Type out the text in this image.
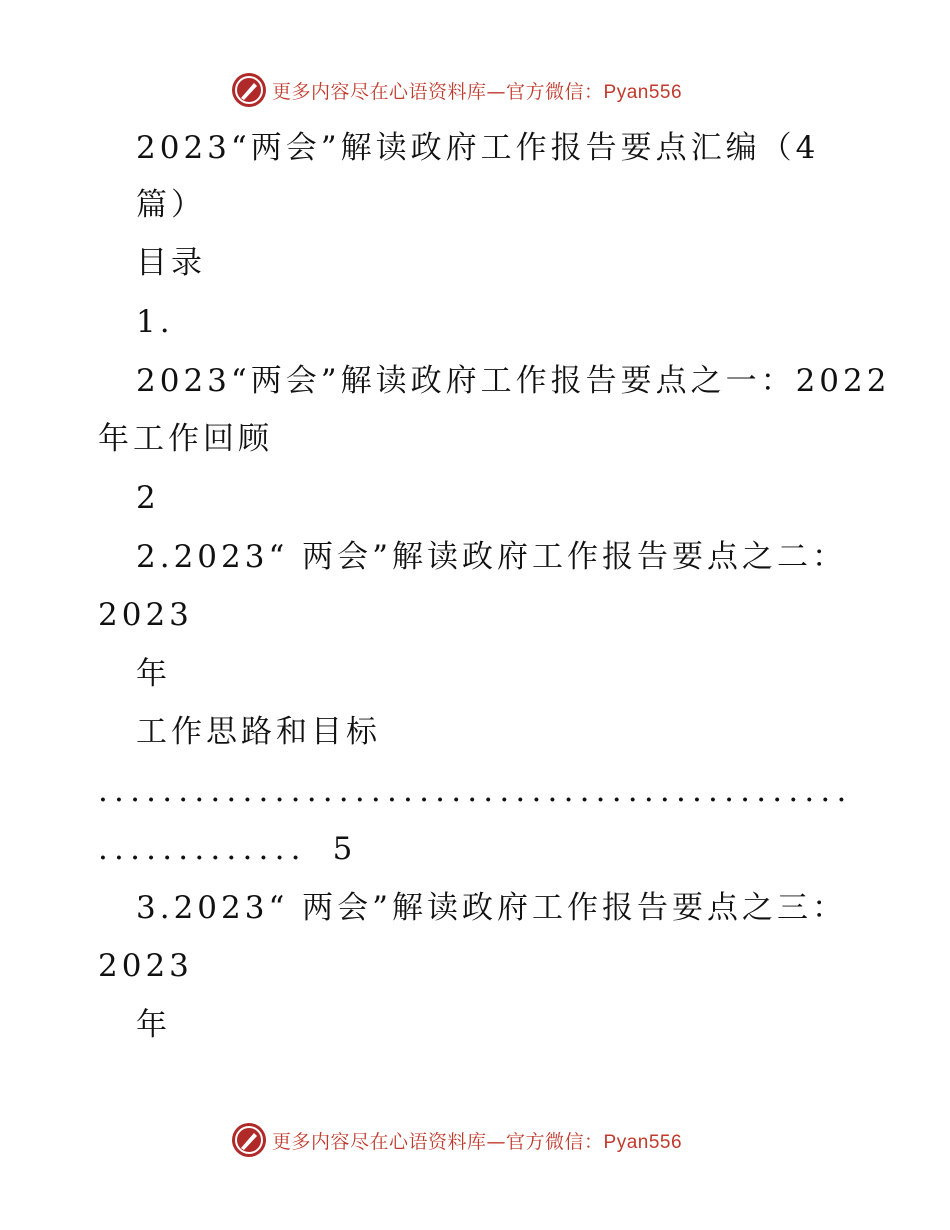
更多内容尽在心语资料库—官方微信：Pyan556
2023“两会”解读政府工作报告要点汇编（4
篇）
目录
1.
2023“两会”解读政府工作报告要点之一：2022
年工作回顾
2
2.2023“ 两会”解读政府工作报告要点之二：
2023
年
工作思路和目标
...............................................
............. 5
3.2023“ 两会”解读政府工作报告要点之三：
2023
年
更多内容尽在心语资料库—官方微信：Pyan556
